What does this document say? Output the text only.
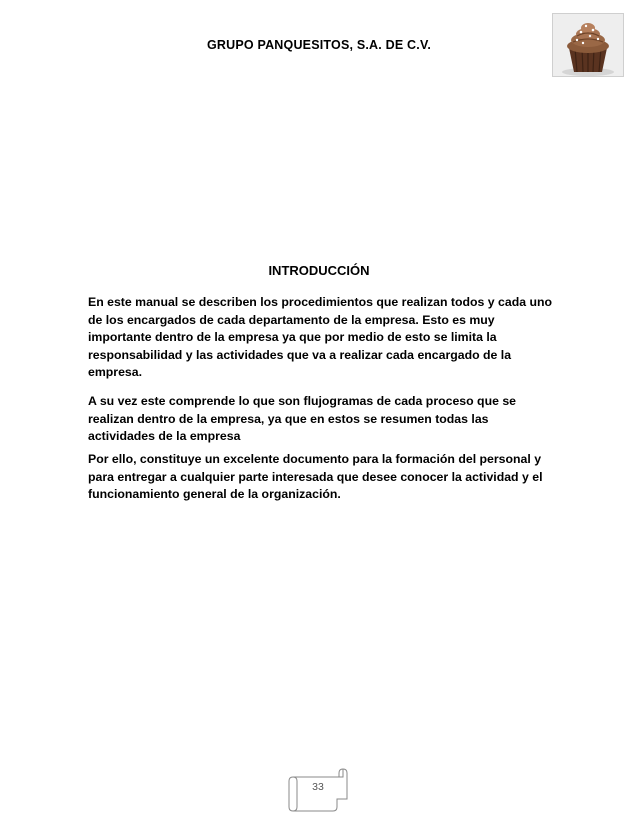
GRUPO PANQUESITOS, S.A. DE C.V.
INTRODUCCIÓN

En este manual se describen los procedimientos que realizan todos y cada uno de los encargados de cada departamento de la empresa. Esto es muy importante dentro de la empresa ya que por medio de esto se limita la responsabilidad y las actividades que va a realizar cada encargado de la empresa.

A su vez este comprende lo que son flujogramas de cada proceso que se realizan dentro de la empresa, ya que en estos se resumen todas las actividades de la empresa

Por ello, constituye un excelente documento para la formación del personal y para entregar a cualquier parte interesada que desee conocer la actividad y el funcionamiento general de la organización.

33
